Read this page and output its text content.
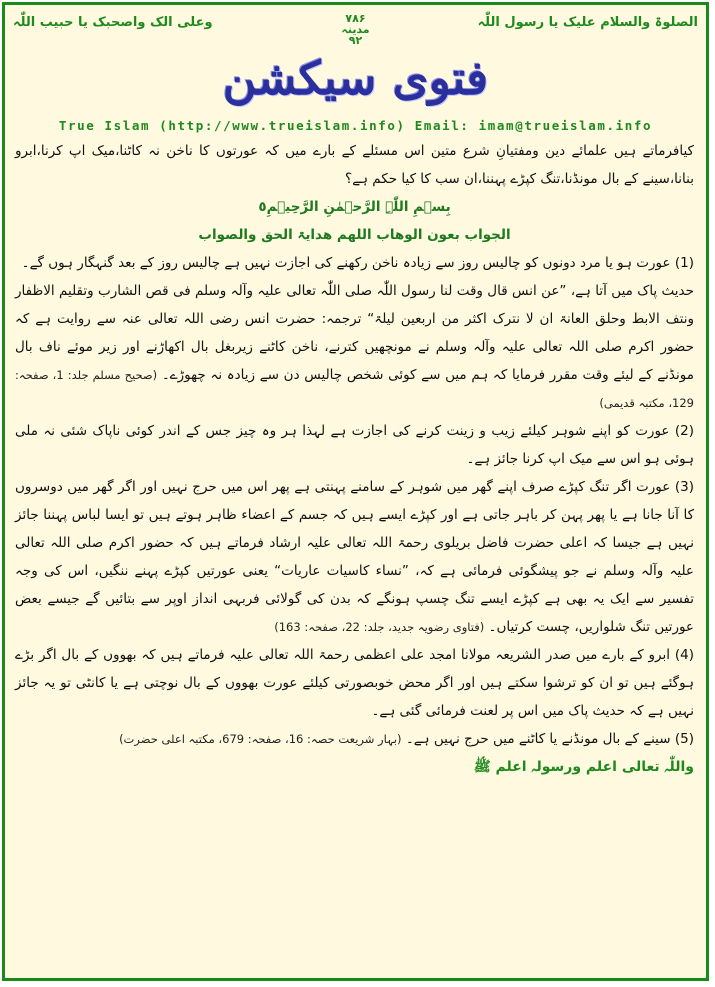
الصلوۃ والسلام علیک یا رسول اللّٰہ
۷۸۶
مدینہ
۹۲
وعلی الک واصحبک یا حبیب اللّٰہ
فتوی سیکشن
True Islam (http://www.trueislam.info) Email: imam@trueislam.info

کیافرماتے ہیں علمائے دین ومفتیانِ شرع متین اس مسئلے کے بارے میں کہ عورتوں کا ناخن نہ کاٹنا،میک اپ کرنا،ابرو بنانا،سینے کے بال مونڈنا،تنگ کپڑے پہننا،ان سب کا کیا حکم ہے؟

بِسۡمِ اللّٰہِ الرَّحۡمٰنِ الرَّحِیۡمِ٥
الجواب بعون الوھاب اللھم ھدایۃ الحق والصواب

(1) عورت ہو یا مرد دونوں کو چالیس روز سے زیادہ ناخن رکھنے کی اجازت نہیں ہے چالیس روز کے بعد گنہگار ہوں گے۔

حدیث پاک میں آتا ہے، ”عن انس قال وقت لنا رسول اللّٰہ صلی اللّٰہ تعالی علیہ وآلہ وسلم فی قص الشارب وتقلیم الاظفار ونتف الابط وحلق العانۃ ان لا نترک اکثر من اربعین لیلۃ“ ترجمہ: حضرت انس رضی اللہ تعالی عنہ سے روایت ہے کہ حضور اکرم صلی اللہ تعالی علیہ وآلہ وسلم نے مونچھیں کترنے، ناخن کاٹنے زیربغل بال اکھاڑنے اور زیر موئے ناف بال مونڈنے کے لیئے وقت مقرر فرمایا کہ ہم میں سے کوئی شخص چالیس دن سے زیادہ نہ چھوڑے۔ (صحیح مسلم جلد: 1، صفحہ: 129، مکتبہ قدیمی)

(2) عورت کو اپنے شوہر کیلئے زیب و زینت کرنے کی اجازت ہے لہذا ہر وہ چیز جس کے اندر کوئی ناپاک شئی نہ ملی ہوئی ہو اس سے میک اپ کرنا جائز ہے۔

(3) عورت اگر تنگ کپڑے صرف اپنے گھر میں شوہر کے سامنے پہنتی ہے پھر اس میں حرج نہیں اور اگر گھر میں دوسروں کا آنا جانا ہے یا پھر پہن کر باہر جاتی ہے اور کپڑے ایسے ہیں کہ جسم کے اعضاء ظاہر ہوتے ہیں تو ایسا لباس پہننا جائز نہیں ہے جیسا کہ اعلی حضرت فاضل بریلوی رحمۃ اللہ تعالی علیہ ارشاد فرماتے ہیں کہ حضور اکرم صلی اللہ تعالی علیہ وآلہ وسلم نے جو پیشگوئی فرمائی ہے کہ، ”نساء کاسیات عاریات“ یعنی عورتیں کپڑے پہنے ننگیں، اس کی وجہ تفسیر سے ایک یہ بھی ہے کپڑے ایسے تنگ چسپ ہونگے کہ بدن کی گولائی فربہی انداز اوپر سے بتائیں گے جیسے بعض عورتیں تنگ شلواریں، چست کرتیاں۔ (فتاوی رضویہ جدید، جلد: 22، صفحہ: 163)

(4) ابرو کے بارے میں صدر الشریعہ مولانا امجد علی اعظمی رحمۃ اللہ تعالی علیہ فرماتے ہیں کہ بھووں کے بال اگر بڑے ہوگئے ہیں تو ان کو ترشوا سکتے ہیں اور اگر محض خوبصورتی کیلئے عورت بھووں کے بال نوچتی ہے یا کانٹی تو یہ جائز نہیں ہے کہ حدیث پاک میں اس پر لعنت فرمائی گئی ہے۔

(5) سینے کے بال مونڈنے یا کاٹنے میں حرج نہیں ہے۔ (بہار شریعت حصہ: 16، صفحہ: 679، مکتبہ اعلی حضرت)

واللّٰہ تعالی اعلم ورسولہ اعلم ﷺ
